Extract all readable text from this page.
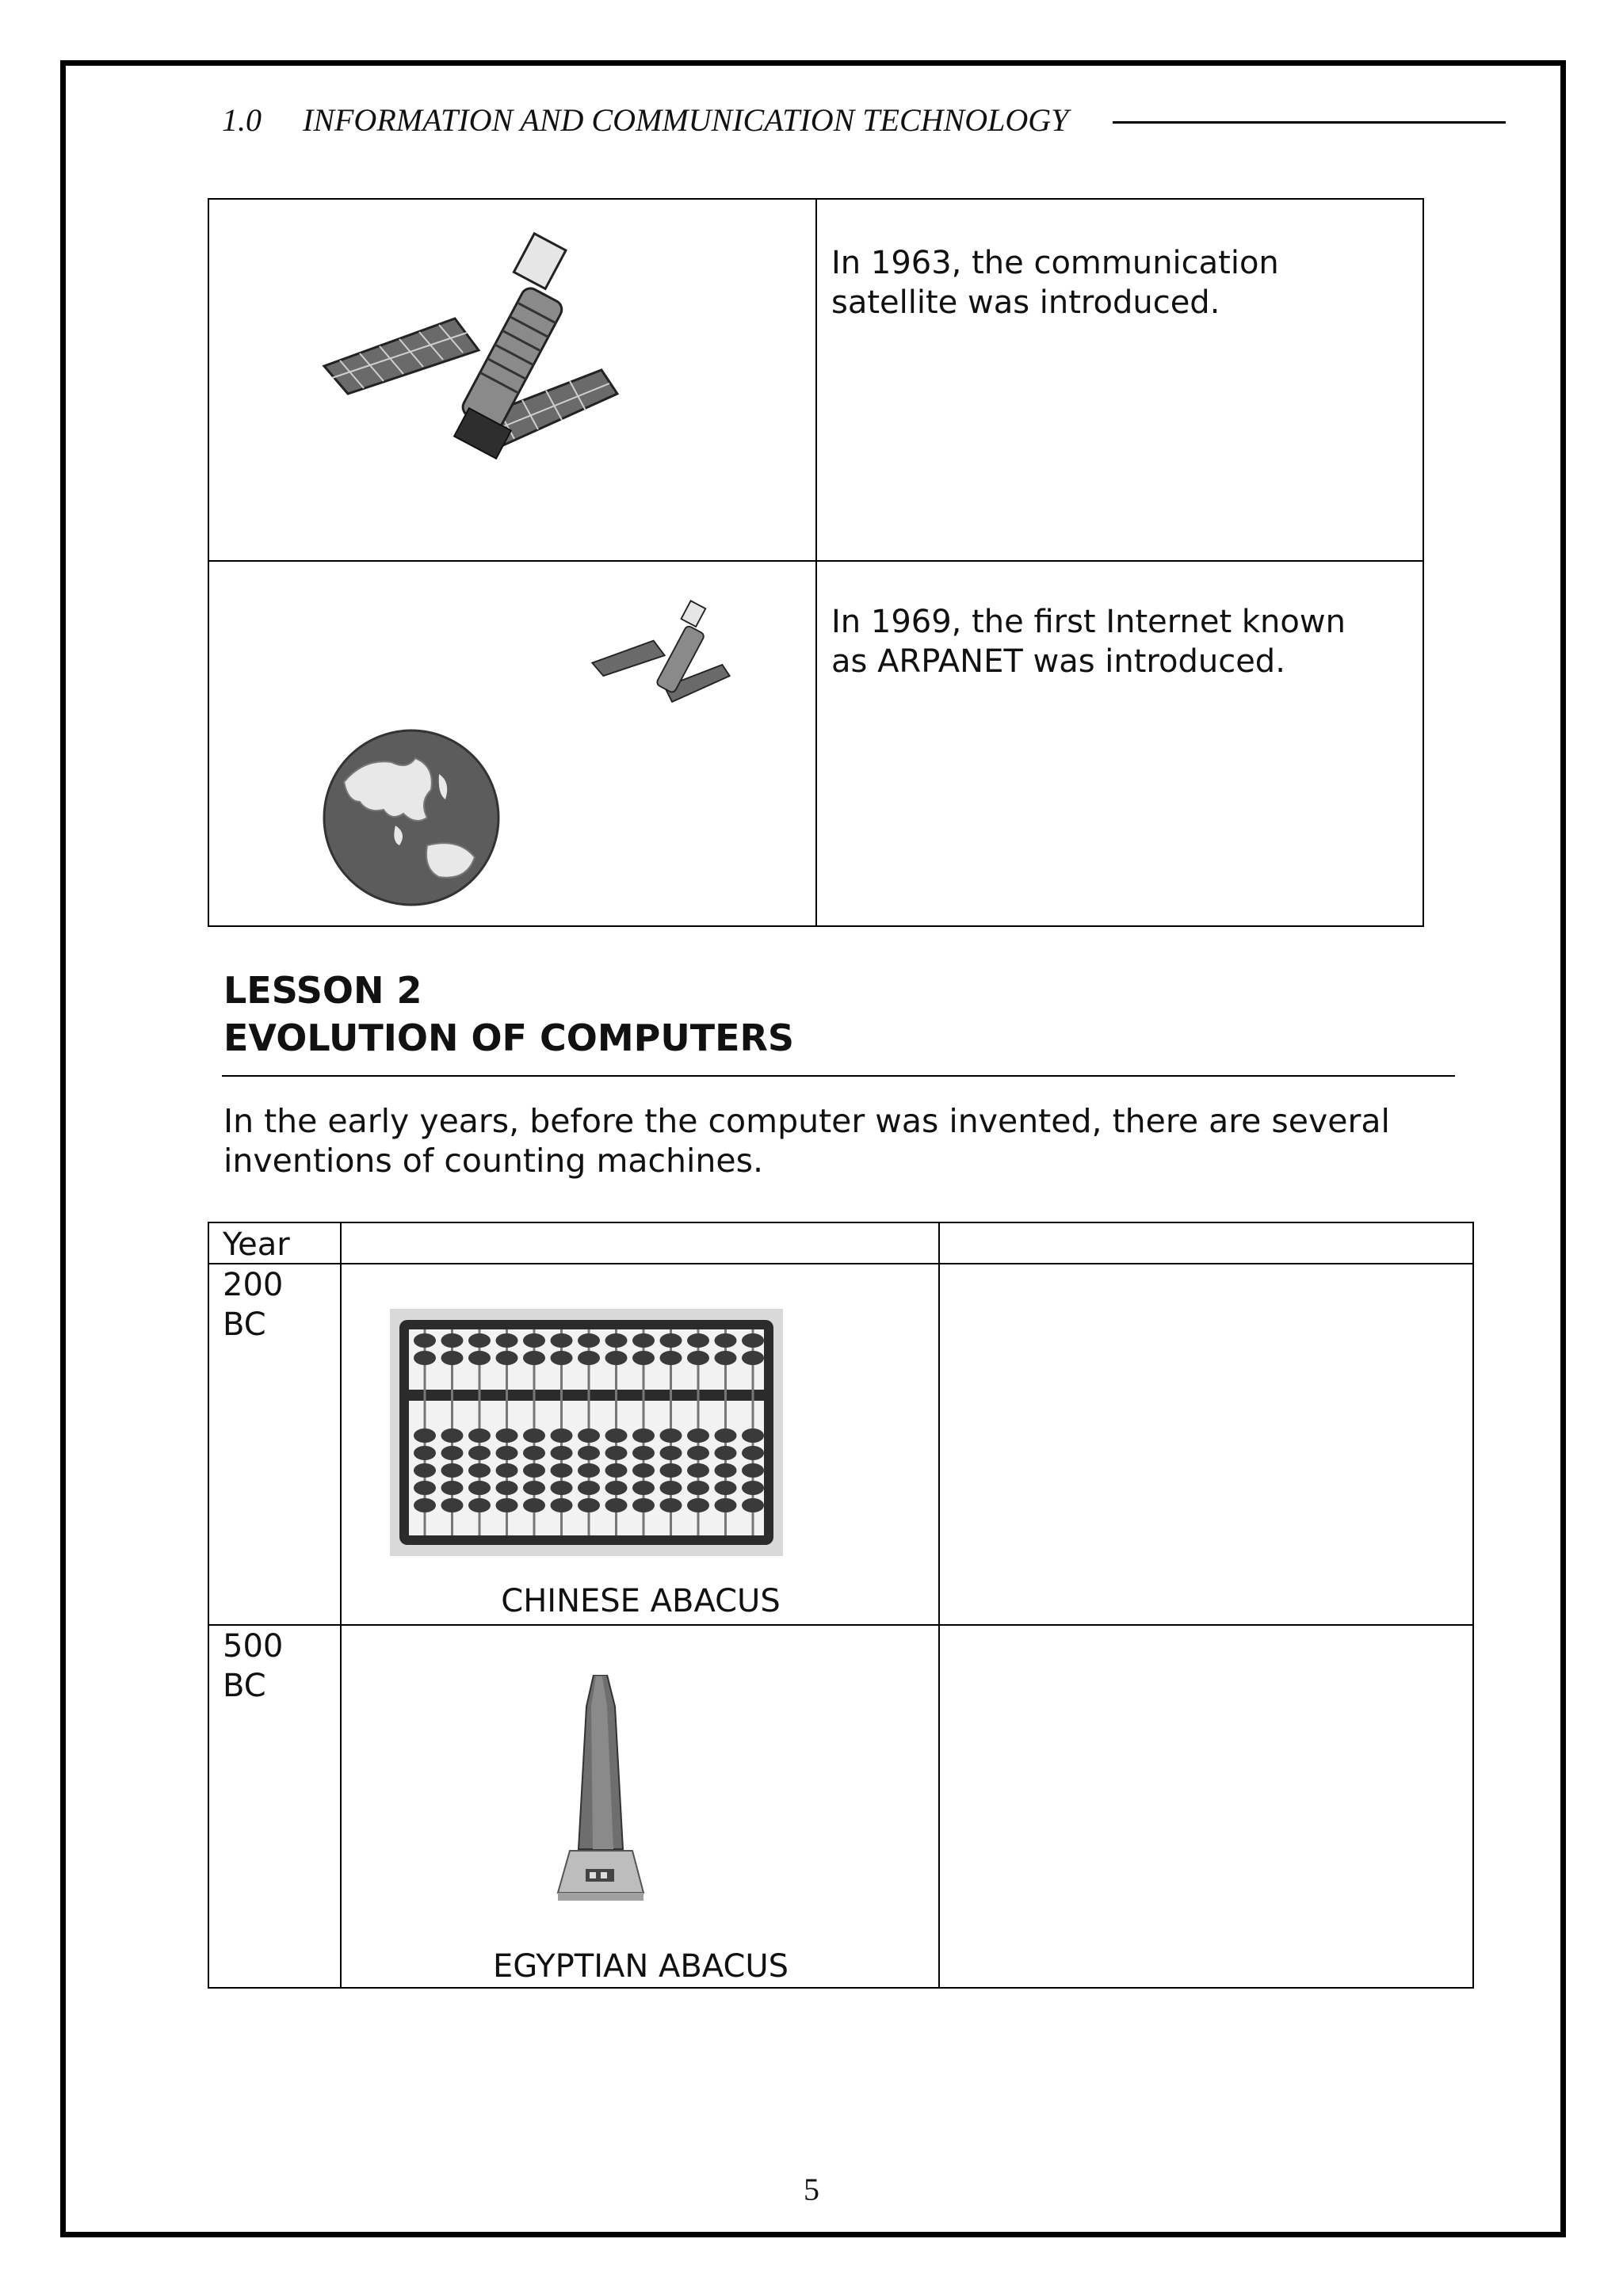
1.0 INFORMATION AND COMMUNICATION TECHNOLOGY
In 1963, the communication satellite was introduced.
In 1969, the first Internet known as ARPANET was introduced.
LESSON 2
EVOLUTION OF COMPUTERS
In the early years, before the computer was invented, there are several inventions of counting machines.
Year
200 BC
500 BC
CHINESE ABACUS
EGYPTIAN ABACUS
5
